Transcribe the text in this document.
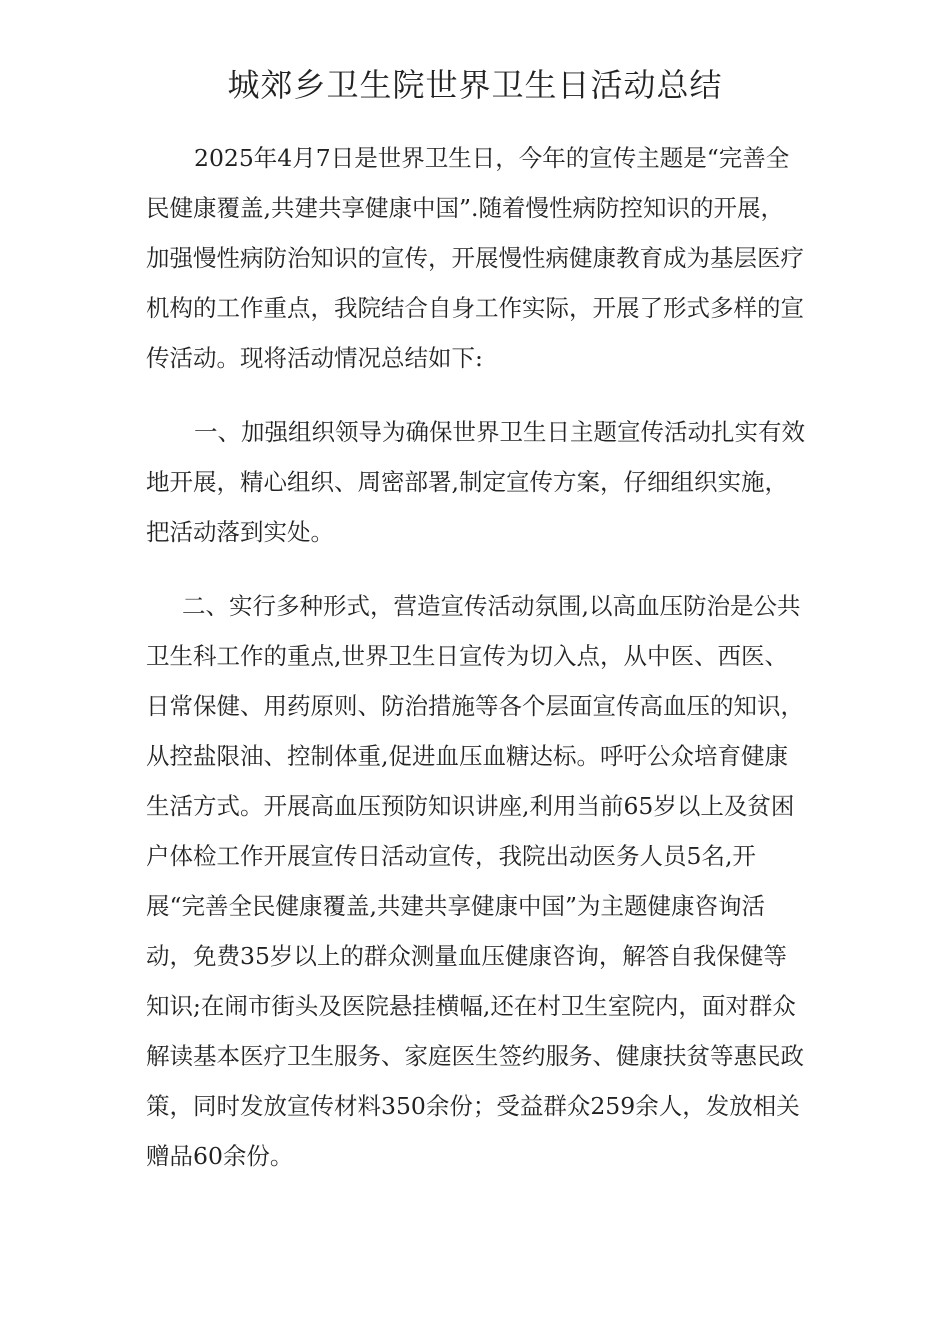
城郊乡卫生院世界卫生日活动总结

2025年4月7日是世界卫生日，今年的宣传主题是“完善全民健康覆盖,共建共享健康中国”.随着慢性病防控知识的开展，加强慢性病防治知识的宣传，开展慢性病健康教育成为基层医疗机构的工作重点，我院结合自身工作实际，开展了形式多样的宣传活动。现将活动情况总结如下:

一、加强组织领导为确保世界卫生日主题宣传活动扎实有效地开展，精心组织、周密部署,制定宣传方案，仔细组织实施，把活动落到实处。

二、实行多种形式，营造宣传活动氛围,以高血压防治是公共卫生科工作的重点,世界卫生日宣传为切入点，从中医、西医、日常保健、用药原则、防治措施等各个层面宣传高血压的知识，从控盐限油、控制体重,促进血压血糖达标。呼吁公众培育健康生活方式。开展高血压预防知识讲座,利用当前65岁以上及贫困户体检工作开展宣传日活动宣传，我院出动医务人员5名,开展“完善全民健康覆盖,共建共享健康中国”为主题健康咨询活动，免费35岁以上的群众测量血压健康咨询，解答自我保健等知识;在闹市街头及医院悬挂横幅,还在村卫生室院内，面对群众解读基本医疗卫生服务、家庭医生签约服务、健康扶贫等惠民政策，同时发放宣传材料350余份；受益群众259余人，发放相关赠品60余份。
